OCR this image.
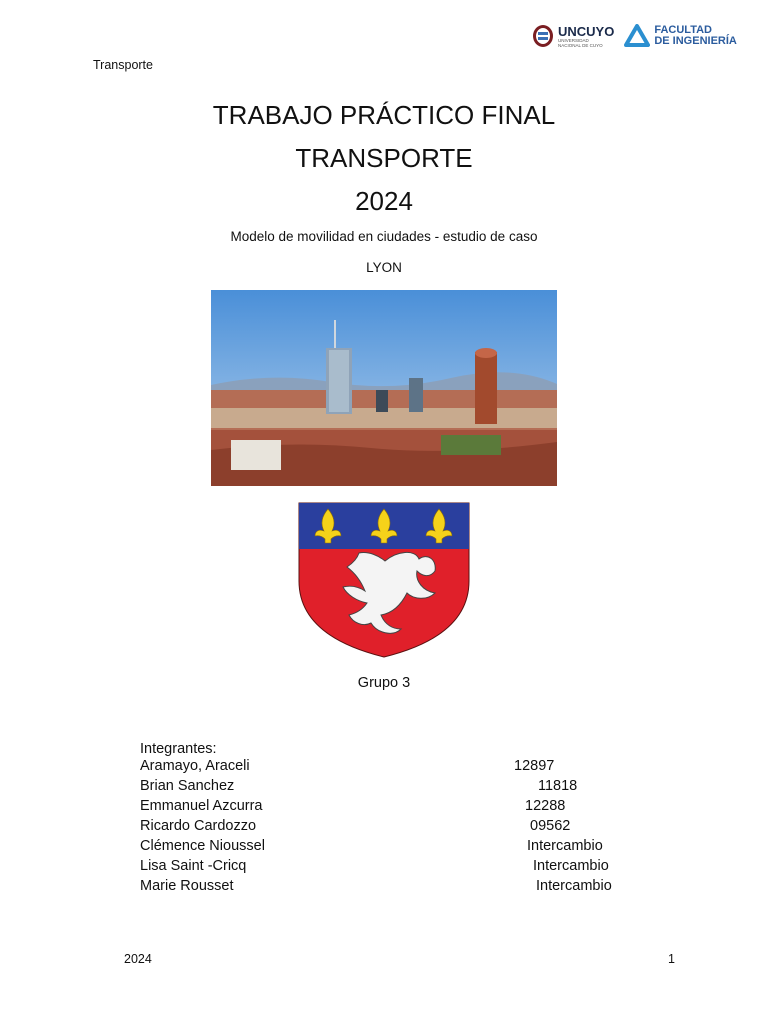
Transporte
UNCUYO
UNIVERSIDAD
NACIONAL DE CUYO
FACULTAD
DE INGENIERÍA
TRABAJO PRÁCTICO FINAL
TRANSPORTE
2024
Modelo de movilidad en ciudades - estudio de caso
LYON
Grupo 3
Integrantes:
Aramayo, Araceli	12897
Brian Sanchez	11818
Emmanuel Azcurra	12288
Ricardo Cardozzo	09562
Clémence Nioussel	Intercambio
Lisa Saint -Cricq	Intercambio
Marie Rousset	Intercambio
2024	1
